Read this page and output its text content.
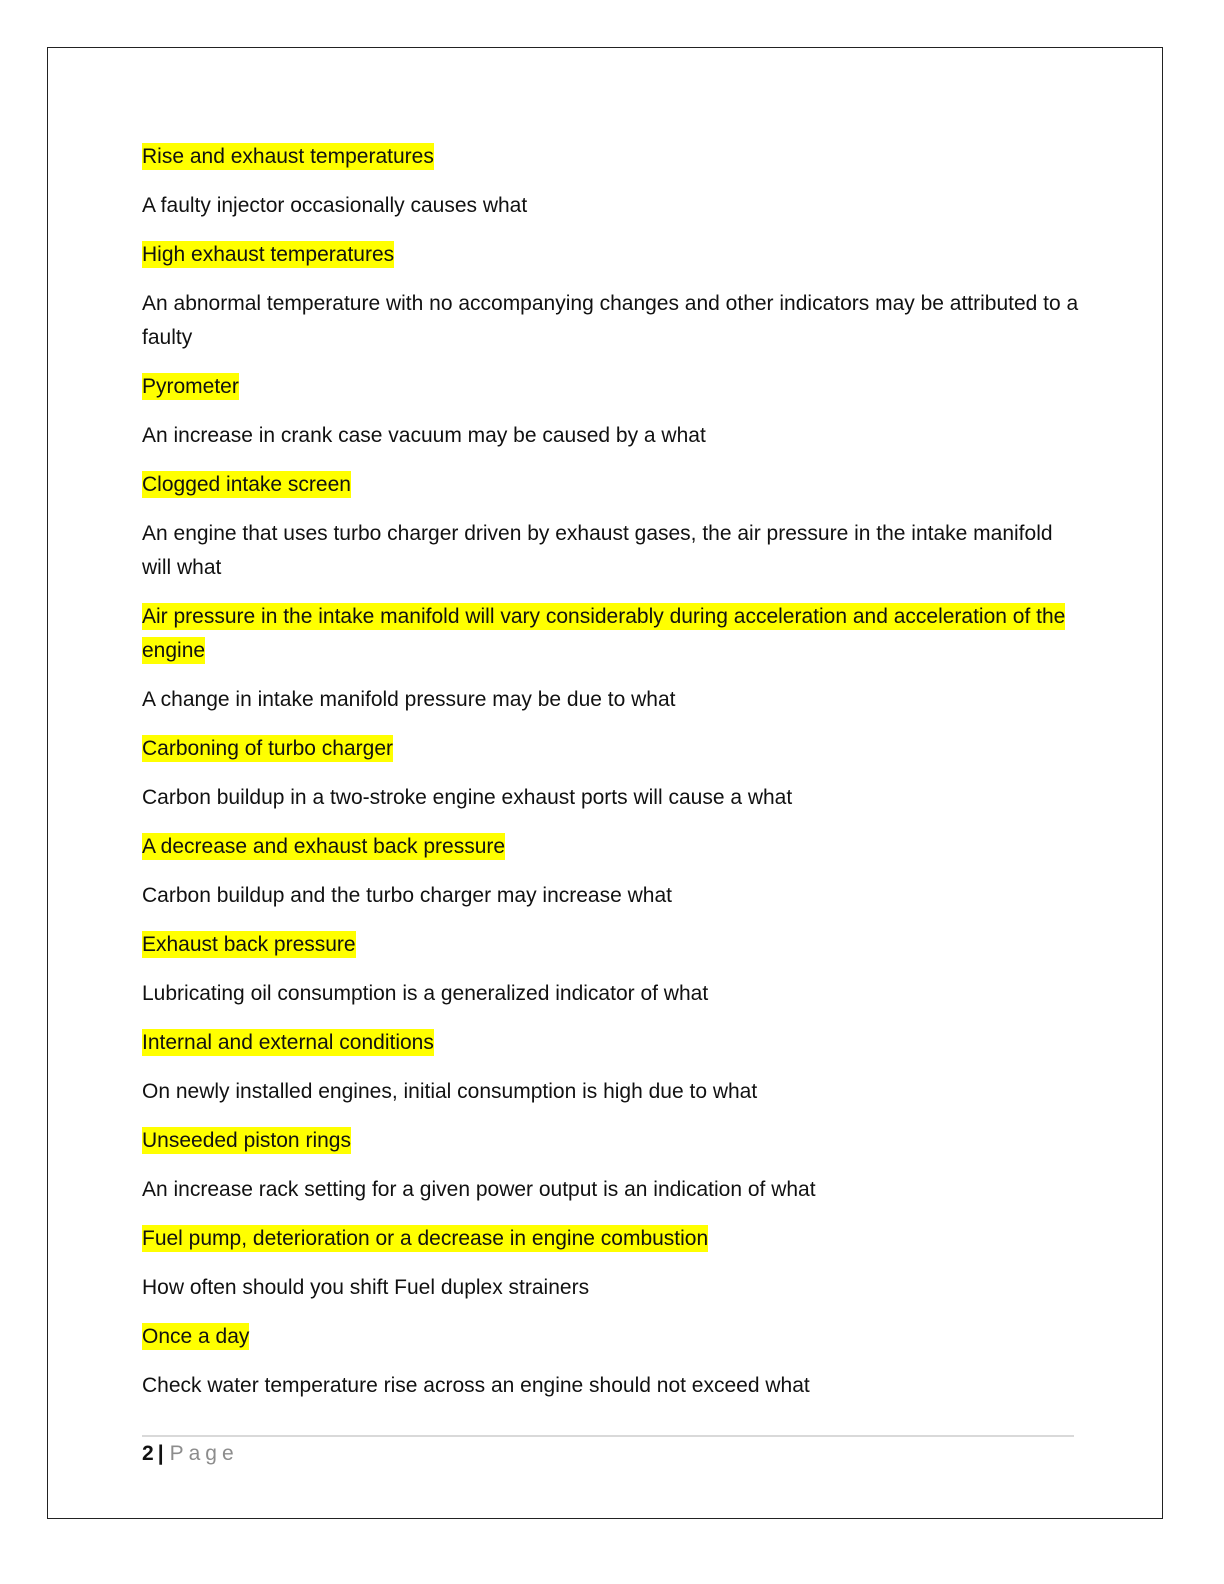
Rise and exhaust temperatures

A faulty injector occasionally causes what

High exhaust temperatures

An abnormal temperature with no accompanying changes and other indicators may be attributed to a faulty

Pyrometer

An increase in crank case vacuum may be caused by a what

Clogged intake screen

An engine that uses turbo charger driven by exhaust gases, the air pressure in the intake manifold will what

Air pressure in the intake manifold will vary considerably during acceleration and acceleration of the engine

A change in intake manifold pressure may be due to what

Carboning of turbo charger

Carbon buildup in a two-stroke engine exhaust ports will cause a what

A decrease and exhaust back pressure

Carbon buildup and the turbo charger may increase what

Exhaust back pressure

Lubricating oil consumption is a generalized indicator of what

Internal and external conditions

On newly installed engines, initial consumption is high due to what

Unseeded piston rings

An increase rack setting for a given power output is an indication of what

Fuel pump, deterioration or a decrease in engine combustion

How often should you shift Fuel duplex strainers

Once a day

Check water temperature rise across an engine should not exceed what

2 | Page
